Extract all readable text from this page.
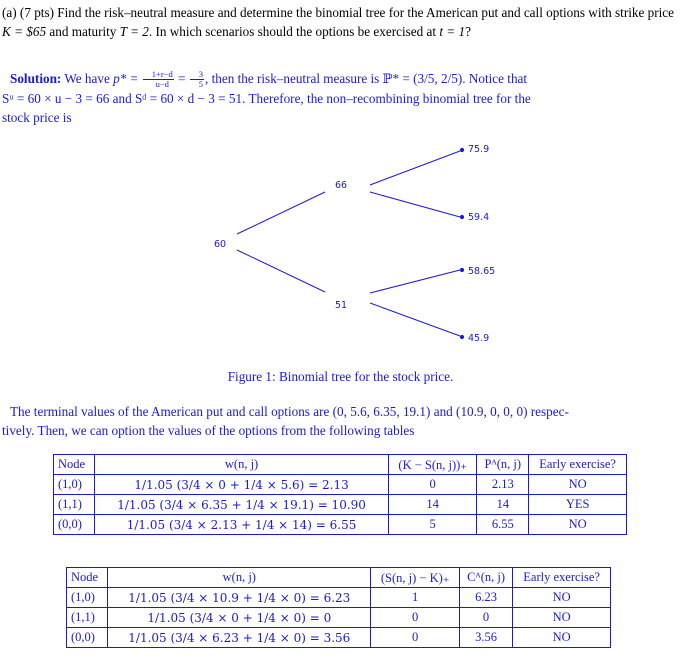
(a) (7 pts) Find the risk–neutral measure and determine the binomial tree for the American put and call options with strike price K = $65 and maturity T = 2. In which scenarios should the options be exercised at t = 1?
Solution: We have $p* = \frac{1+r-d}{u-d} = \frac{3}{5}$ , then the risk–neutral measure is ℙ* = (3/5, 2/5). Notice that
Sᵘ = 60 × u − 3 = 66 and Sᵈ = 60 × d − 3 = 51. Therefore, the non–recombining binomial tree for the
stock price is
60
66
51
75.9
59.4
58.65
45.9
Figure 1: Binomial tree for the stock price.
The terminal values of the American put and call options are (0, 5.6, 6.35, 19.1) and (10.9, 0, 0, 0) respec-
tively. Then, we can option the values of the options from the following tables
Node	w(n, j)	(K − S(n, j))₊	Pᴬ(n, j)	Early exercise?
(1,0)	1/1.05 (3/4 × 0 + 1/4 × 5.6) = 2.13	0	2.13	NO
(1,1)	1/1.05 (3/4 × 6.35 + 1/4 × 19.1) = 10.90	14	14	YES
(0,0)	1/1.05 (3/4 × 2.13 + 1/4 × 14) = 6.55	5	6.55	NO
Node	w(n, j)	(S(n, j) − K)₊	Cᴬ(n, j)	Early exercise?
(1,0)	1/1.05 (3/4 × 10.9 + 1/4 × 0) = 6.23	1	6.23	NO
(1,1)	1/1.05 (3/4 × 0 + 1/4 × 0) = 0	0	0	NO
(0,0)	1/1.05 (3/4 × 6.23 + 1/4 × 0) = 3.56	0	3.56	NO
